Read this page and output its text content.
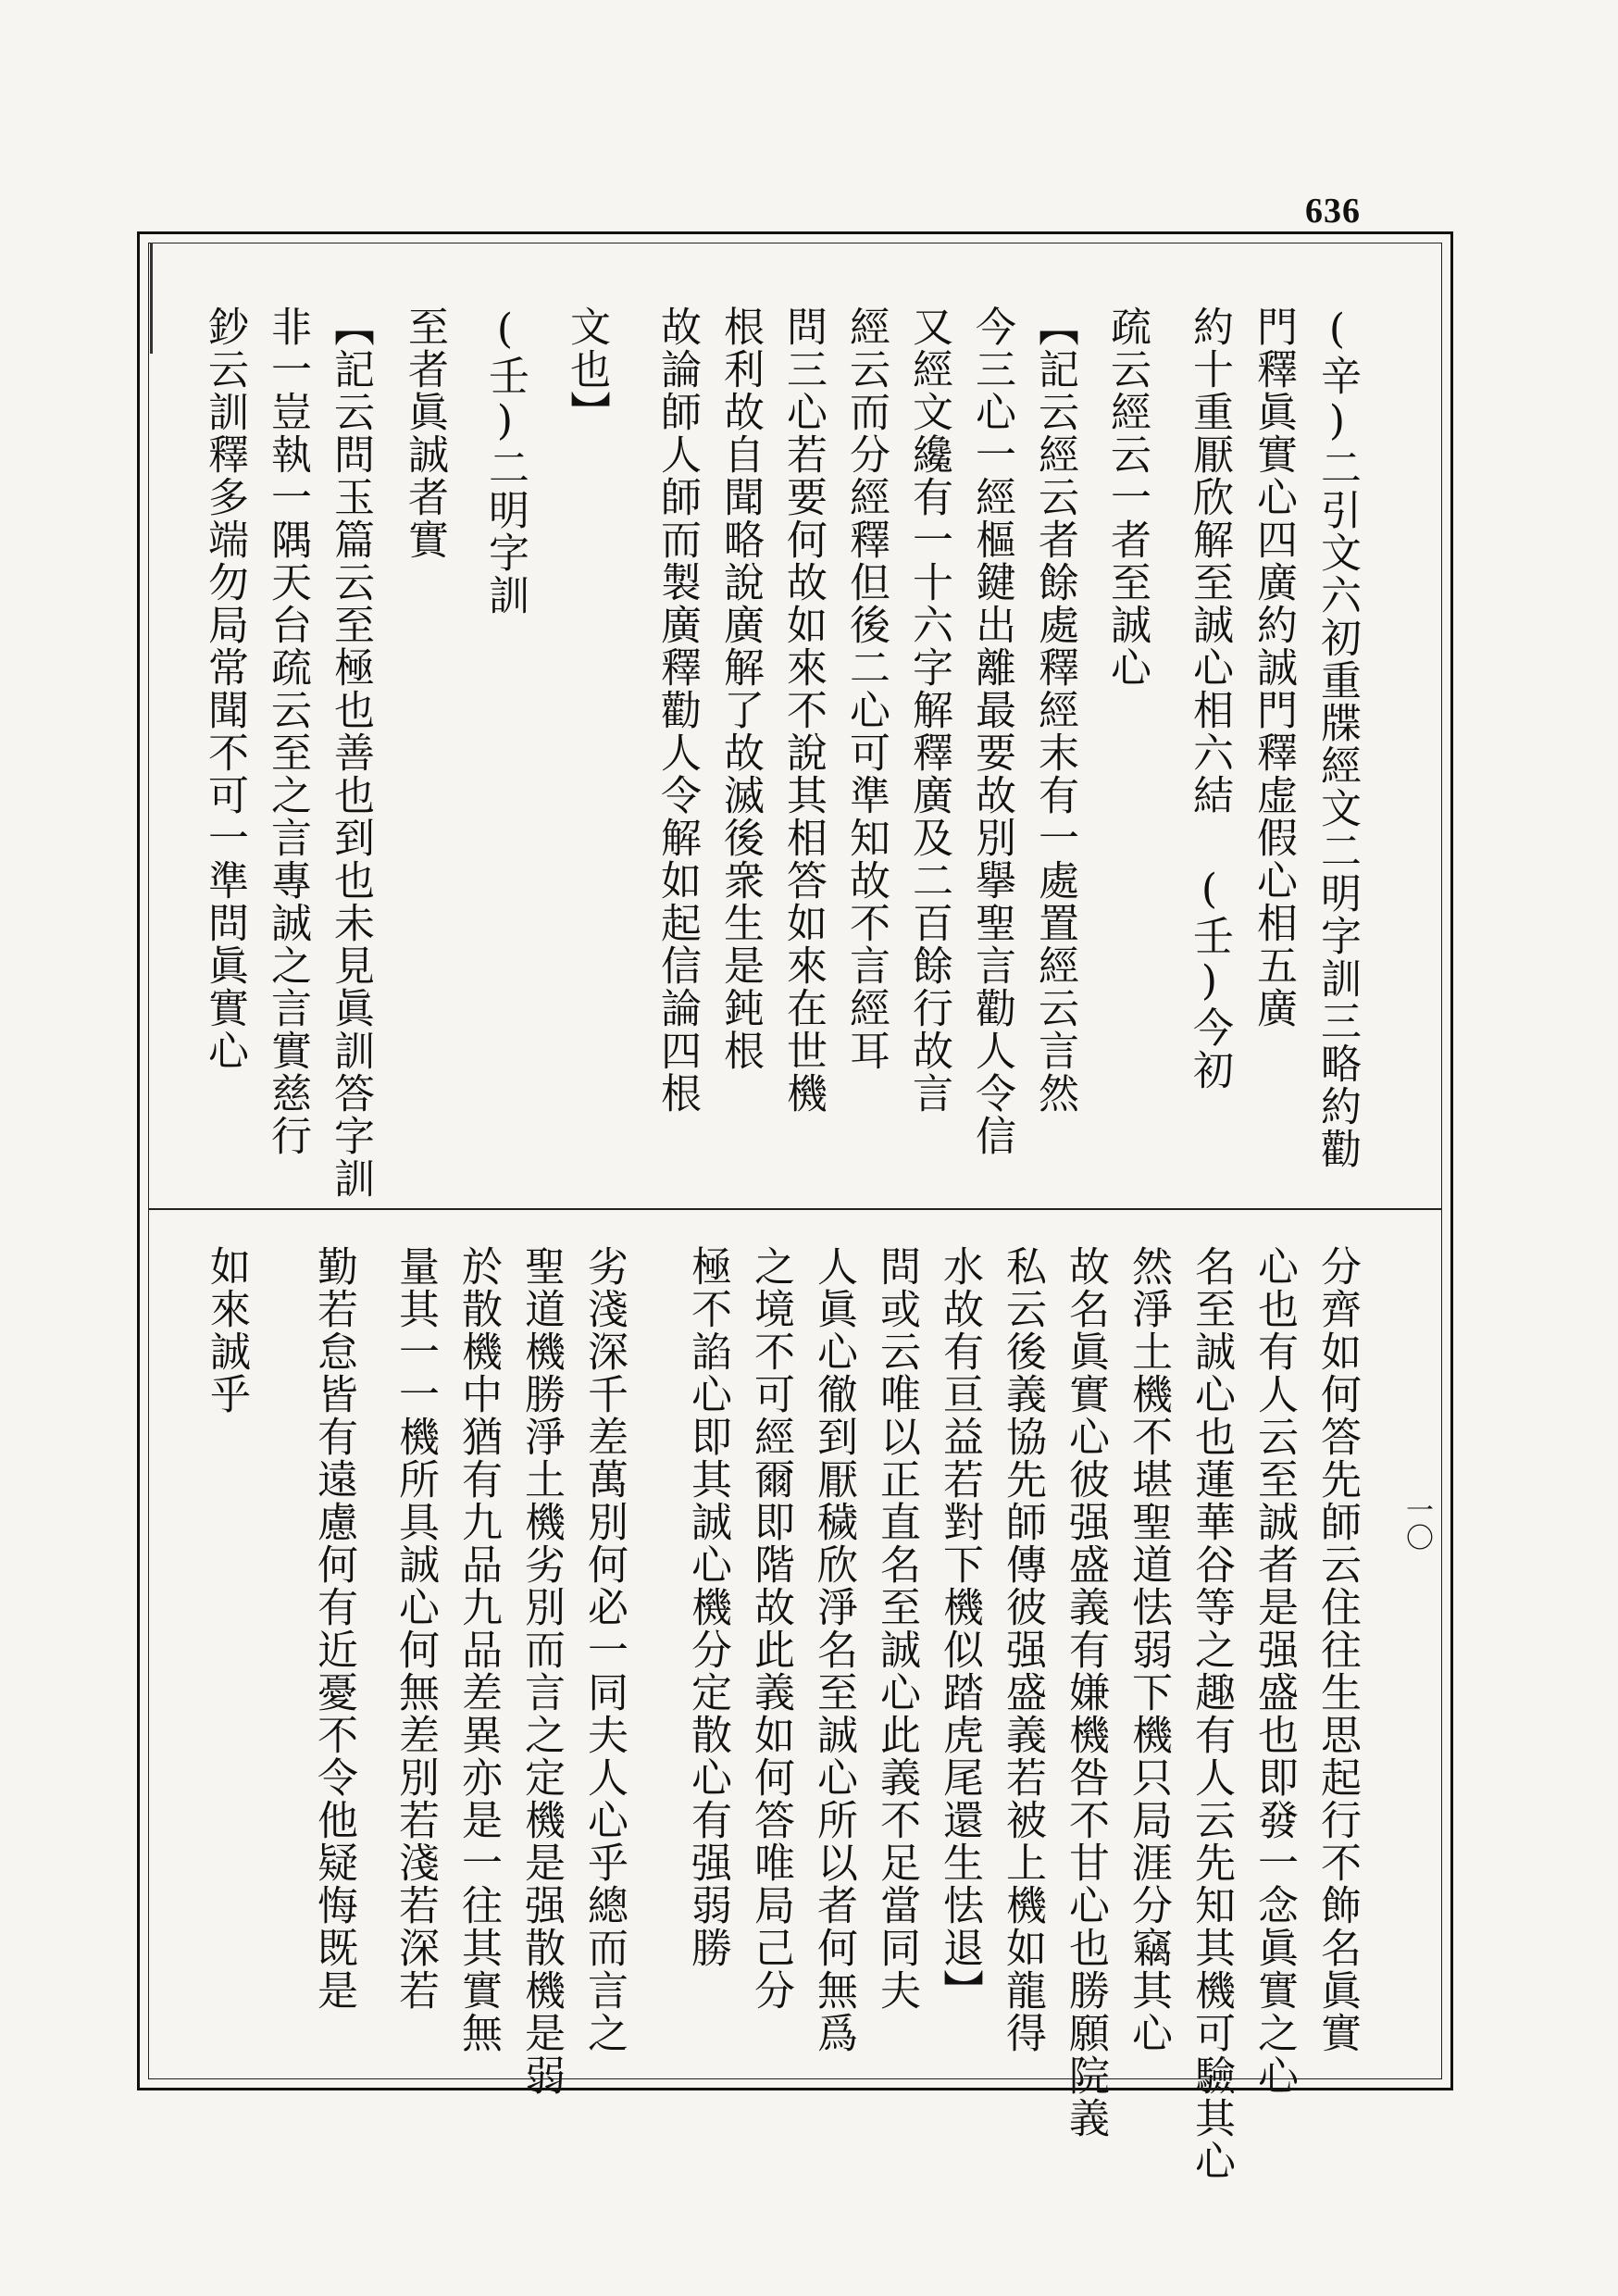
636
一〇
(辛)二引文六初重牒經文二明字訓三略約勸
門釋眞實心四廣約誠門釋虚假心相五廣
約十重厭欣解至誠心相六結 (壬)今初
疏云經云一者至誠心
【記云經云者餘處釋經末有一處置經云言然
今三心一經樞鍵出離最要故別擧聖言勸人令信
又經文纔有一十六字解釋廣及二百餘行故言
經云而分經釋但後二心可準知故不言經耳
問三心若要何故如來不說其相答如來在世機
根利故自聞略說廣解了故滅後衆生是鈍根
故論師人師而製廣釋勸人令解如起信論四根
文也】
(壬)二明字訓
至者眞誠者實
【記云問玉篇云至極也善也到也未見眞訓答字訓
非一豈執一隅天台疏云至之言專誠之言實慈行
鈔云訓釋多端勿局常聞不可一準問眞實心
分齊如何答先師云住往生思起行不飾名眞實
心也有人云至誠者是强盛也即發一念眞實之心
名至誠心也蓮華谷等之趣有人云先知其機可驗其心
然淨土機不堪聖道怯弱下機只局涯分竊其心
故名眞實心彼强盛義有嫌機咎不甘心也勝願院義
私云後義協先師傳彼强盛義若被上機如龍得
水故有亘益若對下機似踏虎尾還生怯退】
問或云唯以正直名至誠心此義不足當同夫
人眞心徹到厭穢欣淨名至誠心所以者何無爲
之境不可經爾即階故此義如何答唯局己分
極不諂心即其誠心機分定散心有强弱勝
劣淺深千差萬別何必一同夫人心乎總而言之
聖道機勝淨土機劣別而言之定機是强散機是弱
於散機中猶有九品九品差異亦是一往其實無
量其一一機所具誠心何無差別若淺若深若
勤若怠皆有遠慮何有近憂不令他疑悔既是
如來誠乎
